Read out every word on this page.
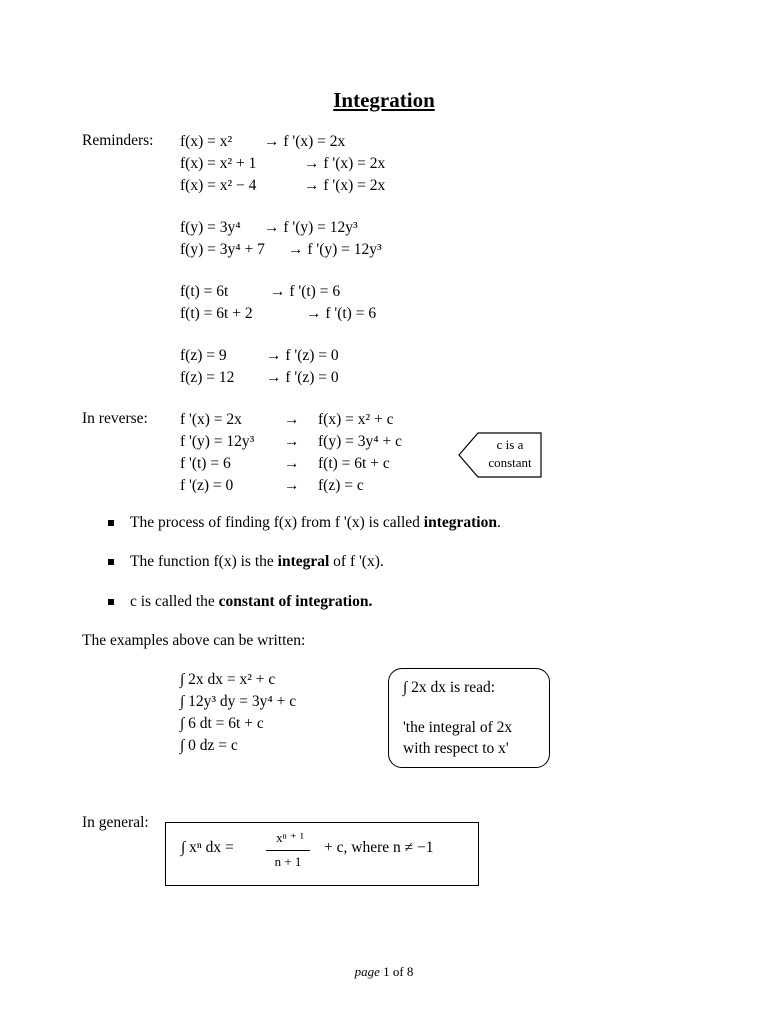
Integration
Reminders: f(x) = x² → f '(x) = 2x
f(x) = x² + 1	→ f '(x) = 2x
f(x) = x² − 4	→ f '(x) = 2x
f(y) = 3y⁴ → f '(y) = 12y³
f(y) = 3y⁴ + 7 → f '(y) = 12y³
f(t) = 6t	→ f '(t) = 6
f(t) = 6t + 2	→ f '(t) = 6
f(z) = 9	→ f '(z) = 0
f(z) = 12 → f '(z) = 0
In reverse: f '(x) = 2x	→ f(x) = x² + c
f '(y) = 12y³ → f(y) = 3y⁴ + c
f '(t) = 6	→ f(t) = 6t + c
f '(z) = 0	→ f(z) = c
c is a
constant
The process of finding f(x) from f '(x) is called integration.
The function f(x) is the integral of f '(x).
c is called the constant of integration.
The examples above can be written:
∫ 2x dx = x² + c
∫ 12y³ dy = 3y⁴ + c
∫ 6 dt = 6t + c
∫ 0 dz = c
∫ 2x dx is read:
'the integral of 2x
with respect to x'
In general:
∫ xⁿ dx =
xⁿ ⁺ ¹
n + 1
+ c, where n ≠ −1
page 1 of 8
